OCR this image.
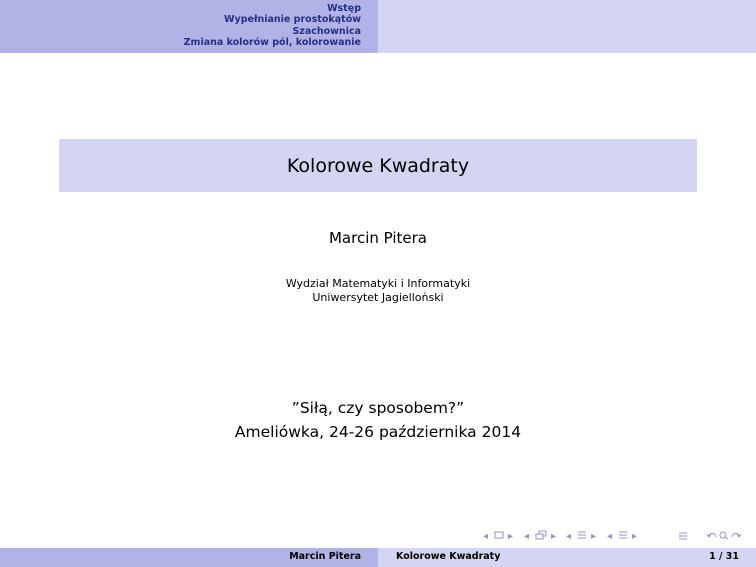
Wstęp
Wypełnianie prostokątów
Szachownica
Zmiana kolorów pól, kolorowanie
Kolorowe Kwadraty
Marcin Pitera
Wydział Matematyki i Informatyki
Uniwersytet Jagielloński
”Siłą, czy sposobem?”
Ameliówka, 24-26 października 2014
◂ ▸ ◂ ▸ ◂ ▸ ◂ ▸
Marcin Pitera	Kolorowe Kwadraty	1 / 31
